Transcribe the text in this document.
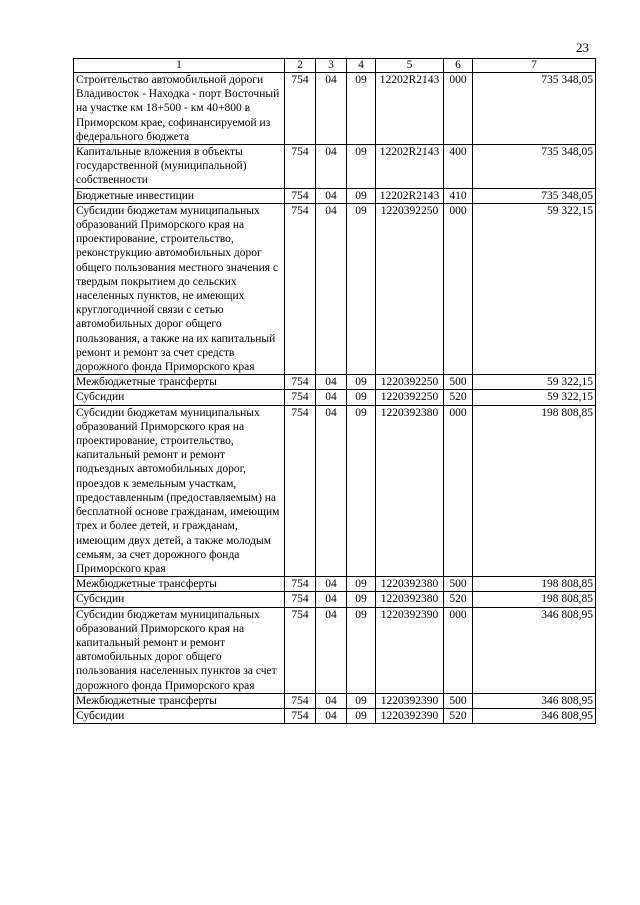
23
1	2	3	4	5	6	7
Строительство автомобильной дороги Владивосток - Находка - порт Восточный на участке км 18+500 - км 40+800 в Приморском крае, софинансируемой из федерального бюджета	754	04	09	12202R2143	000	735 348,05
Капитальные вложения в объекты государственной (муниципальной) собственности	754	04	09	12202R2143	400	735 348,05
Бюджетные инвестиции	754	04	09	12202R2143	410	735 348,05
Субсидии бюджетам муниципальных образований Приморского края на проектирование, строительство, реконструкцию автомобильных дорог общего пользования местного значения с твердым покрытием до сельских населенных пунктов, не имеющих круглогодичной связи с сетью автомобильных дорог общего пользования, а также на их капитальный ремонт и ремонт за счет средств дорожного фонда Приморского края	754	04	09	1220392250	000	59 322,15
Межбюджетные трансферты	754	04	09	1220392250	500	59 322,15
Субсидии	754	04	09	1220392250	520	59 322,15
Субсидии бюджетам муниципальных образований Приморского края на проектирование, строительство, капитальный ремонт и ремонт подъездных автомобильных дорог, проездов к земельным участкам, предоставленным (предоставляемым) на бесплатной основе гражданам, имеющим трех и более детей, и гражданам, имеющим двух детей, а также молодым семьям, за счет дорожного фонда Приморского края	754	04	09	1220392380	000	198 808,85
Межбюджетные трансферты	754	04	09	1220392380	500	198 808,85
Субсидии	754	04	09	1220392380	520	198 808,85
Субсидии бюджетам муниципальных образований Приморского края на капитальный ремонт и ремонт автомобильных дорог общего пользования населенных пунктов за счет дорожного фонда Приморского края	754	04	09	1220392390	000	346 808,95
Межбюджетные трансферты	754	04	09	1220392390	500	346 808,95
Субсидии	754	04	09	1220392390	520	346 808,95
